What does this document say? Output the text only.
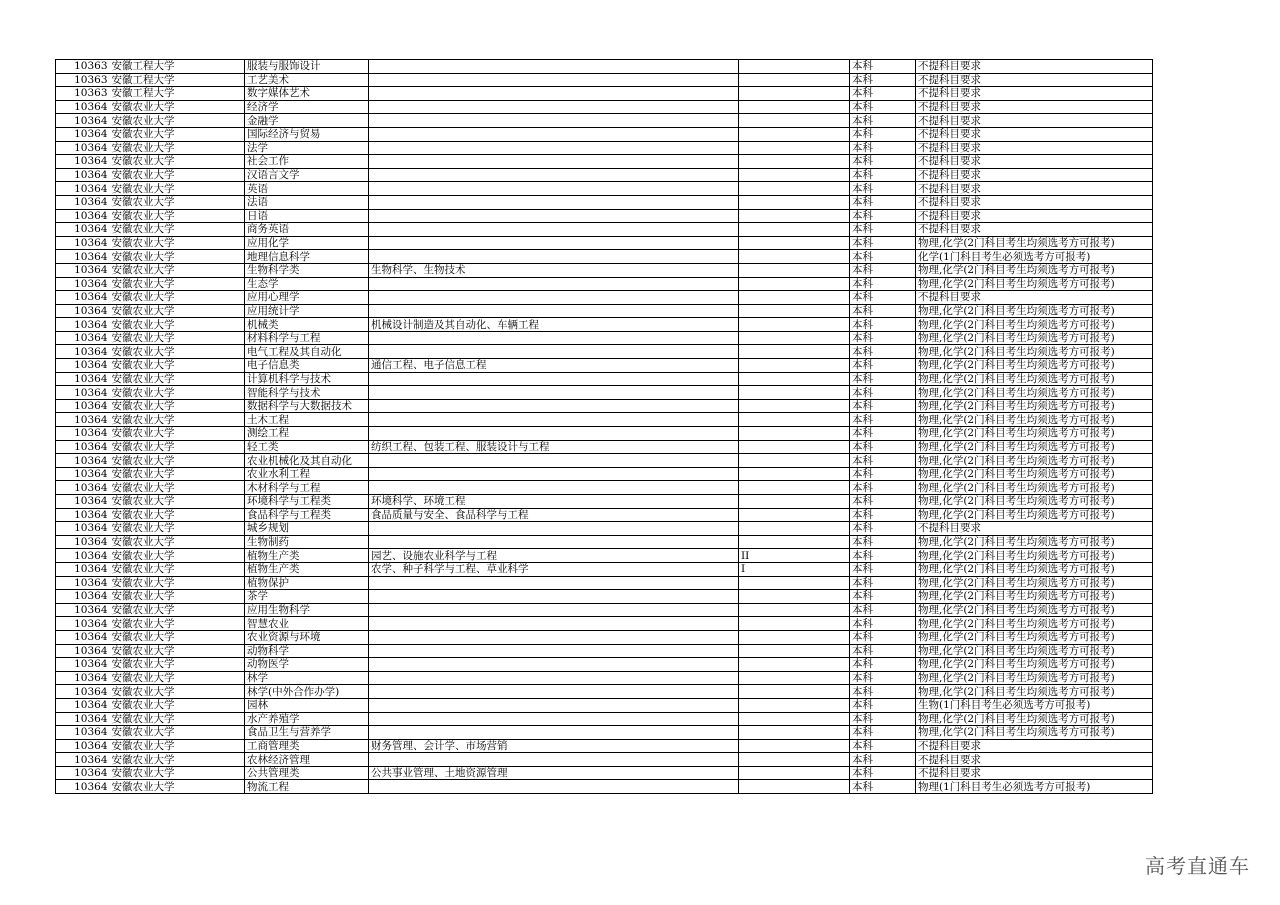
10363	安徽工程大学	服装与服饰设计			本科	不提科目要求
10363	安徽工程大学	工艺美术			本科	不提科目要求
10363	安徽工程大学	数字媒体艺术			本科	不提科目要求
10364	安徽农业大学	经济学			本科	不提科目要求
10364	安徽农业大学	金融学			本科	不提科目要求
10364	安徽农业大学	国际经济与贸易			本科	不提科目要求
10364	安徽农业大学	法学			本科	不提科目要求
10364	安徽农业大学	社会工作			本科	不提科目要求
10364	安徽农业大学	汉语言文学			本科	不提科目要求
10364	安徽农业大学	英语			本科	不提科目要求
10364	安徽农业大学	法语			本科	不提科目要求
10364	安徽农业大学	日语			本科	不提科目要求
10364	安徽农业大学	商务英语			本科	不提科目要求
10364	安徽农业大学	应用化学			本科	物理,化学(2门科目考生均须选考方可报考)
10364	安徽农业大学	地理信息科学			本科	化学(1门科目考生必须选考方可报考)
10364	安徽农业大学	生物科学类	生物科学、生物技术		本科	物理,化学(2门科目考生均须选考方可报考)
10364	安徽农业大学	生态学			本科	物理,化学(2门科目考生均须选考方可报考)
10364	安徽农业大学	应用心理学			本科	不提科目要求
10364	安徽农业大学	应用统计学			本科	物理,化学(2门科目考生均须选考方可报考)
10364	安徽农业大学	机械类	机械设计制造及其自动化、车辆工程		本科	物理,化学(2门科目考生均须选考方可报考)
10364	安徽农业大学	材料科学与工程			本科	物理,化学(2门科目考生均须选考方可报考)
10364	安徽农业大学	电气工程及其自动化			本科	物理,化学(2门科目考生均须选考方可报考)
10364	安徽农业大学	电子信息类	通信工程、电子信息工程		本科	物理,化学(2门科目考生均须选考方可报考)
10364	安徽农业大学	计算机科学与技术			本科	物理,化学(2门科目考生均须选考方可报考)
10364	安徽农业大学	智能科学与技术			本科	物理,化学(2门科目考生均须选考方可报考)
10364	安徽农业大学	数据科学与大数据技术			本科	物理,化学(2门科目考生均须选考方可报考)
10364	安徽农业大学	土木工程			本科	物理,化学(2门科目考生均须选考方可报考)
10364	安徽农业大学	测绘工程			本科	物理,化学(2门科目考生均须选考方可报考)
10364	安徽农业大学	轻工类	纺织工程、包装工程、服装设计与工程		本科	物理,化学(2门科目考生均须选考方可报考)
10364	安徽农业大学	农业机械化及其自动化			本科	物理,化学(2门科目考生均须选考方可报考)
10364	安徽农业大学	农业水利工程			本科	物理,化学(2门科目考生均须选考方可报考)
10364	安徽农业大学	木材科学与工程			本科	物理,化学(2门科目考生均须选考方可报考)
10364	安徽农业大学	环境科学与工程类	环境科学、环境工程		本科	物理,化学(2门科目考生均须选考方可报考)
10364	安徽农业大学	食品科学与工程类	食品质量与安全、食品科学与工程		本科	物理,化学(2门科目考生均须选考方可报考)
10364	安徽农业大学	城乡规划			本科	不提科目要求
10364	安徽农业大学	生物制药			本科	物理,化学(2门科目考生均须选考方可报考)
10364	安徽农业大学	植物生产类	园艺、设施农业科学与工程	II	本科	物理,化学(2门科目考生均须选考方可报考)
10364	安徽农业大学	植物生产类	农学、种子科学与工程、草业科学	I	本科	物理,化学(2门科目考生均须选考方可报考)
10364	安徽农业大学	植物保护			本科	物理,化学(2门科目考生均须选考方可报考)
10364	安徽农业大学	茶学			本科	物理,化学(2门科目考生均须选考方可报考)
10364	安徽农业大学	应用生物科学			本科	物理,化学(2门科目考生均须选考方可报考)
10364	安徽农业大学	智慧农业			本科	物理,化学(2门科目考生均须选考方可报考)
10364	安徽农业大学	农业资源与环境			本科	物理,化学(2门科目考生均须选考方可报考)
10364	安徽农业大学	动物科学			本科	物理,化学(2门科目考生均须选考方可报考)
10364	安徽农业大学	动物医学			本科	物理,化学(2门科目考生均须选考方可报考)
10364	安徽农业大学	林学			本科	物理,化学(2门科目考生均须选考方可报考)
10364	安徽农业大学	林学(中外合作办学)			本科	物理,化学(2门科目考生均须选考方可报考)
10364	安徽农业大学	园林			本科	生物(1门科目考生必须选考方可报考)
10364	安徽农业大学	水产养殖学			本科	物理,化学(2门科目考生均须选考方可报考)
10364	安徽农业大学	食品卫生与营养学			本科	物理,化学(2门科目考生均须选考方可报考)
10364	安徽农业大学	工商管理类	财务管理、会计学、市场营销		本科	不提科目要求
10364	安徽农业大学	农林经济管理			本科	不提科目要求
10364	安徽农业大学	公共管理类	公共事业管理、土地资源管理		本科	不提科目要求
10364	安徽农业大学	物流工程			本科	物理(1门科目考生必须选考方可报考)
高考直通车
